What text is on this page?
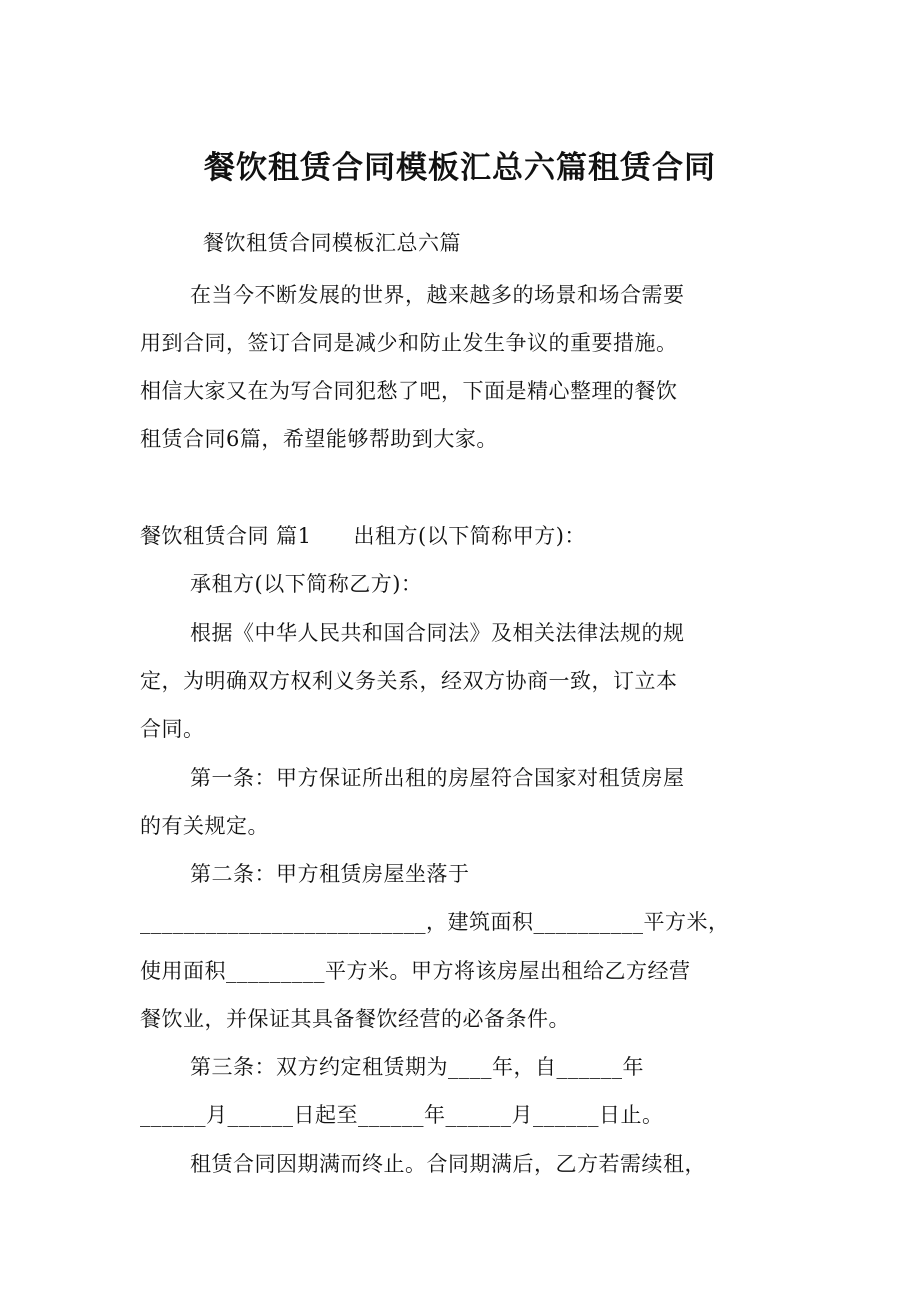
餐饮租赁合同模板汇总六篇租赁合同
餐饮租赁合同模板汇总六篇
在当今不断发展的世界，越来越多的场景和场合需要
用到合同，签订合同是减少和防止发生争议的重要措施。
相信大家又在为写合同犯愁了吧，下面是精心整理的餐饮
租赁合同6篇，希望能够帮助到大家。
餐饮租赁合同 篇1 出租方(以下简称甲方)：
承租方(以下简称乙方)：
根据《中华人民共和国合同法》及相关法律法规的规
定，为明确双方权利义务关系，经双方协商一致，订立本
合同。
第一条：甲方保证所出租的房屋符合国家对租赁房屋
的有关规定。
第二条：甲方租赁房屋坐落于
__________________________，建筑面积__________平方米，
使用面积_________平方米。甲方将该房屋出租给乙方经营
餐饮业，并保证其具备餐饮经营的必备条件。
第三条：双方约定租赁期为____年，自______年
______月______日起至______年______月______日止。
租赁合同因期满而终止。合同期满后，乙方若需续租，
